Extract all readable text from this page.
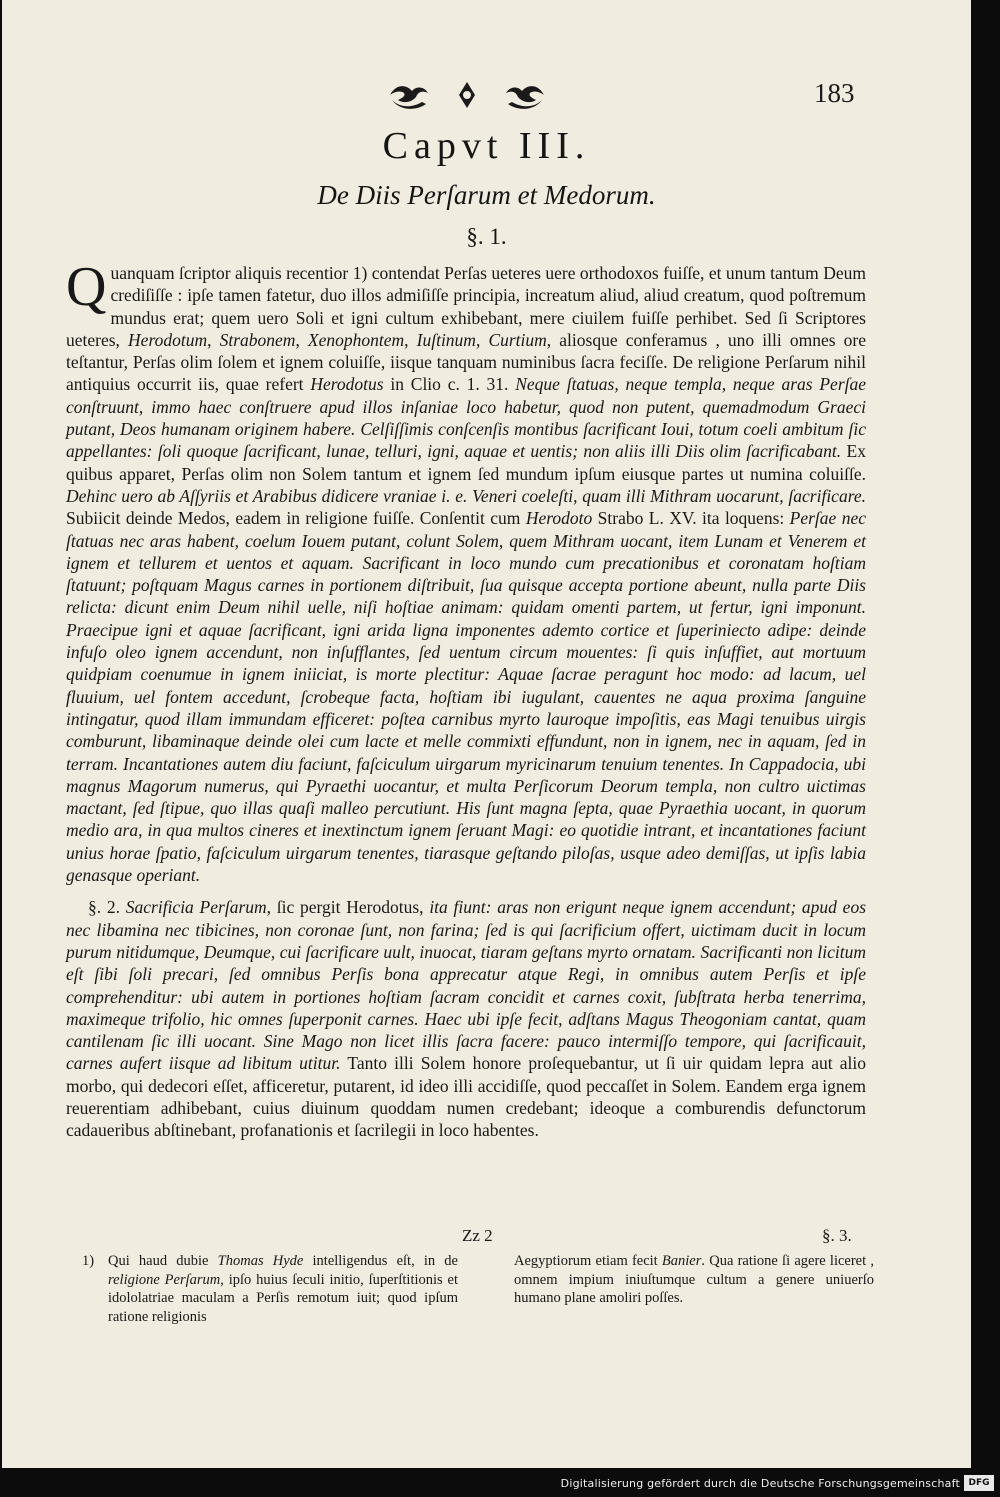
183
Capvt III.
De Diis Perſarum et Medorum.
§. 1.

Quanquam ſcriptor aliquis recentior 1) contendat Perſas ueteres uere orthodoxos fuiſſe, et unum tantum Deum crediſiſſe : ipſe tamen fatetur, duo illos admiſiſſe principia, increatum aliud, aliud creatum, quod poſtremum mundus erat; quem uero Soli et igni cultum exhibebant, mere ciuilem fuiſſe perhibet. Sed ſi Scriptores ueteres, Herodotum, Strabonem, Xenophontem, Iuſtinum, Curtium, aliosque conferamus , uno illi omnes ore teſtantur, Perſas olim ſolem et ignem coluiſſe, iisque tanquam numinibus ſacra feciſſe. De religione Perſarum nihil antiquius occurrit iis, quae refert Herodotus in Clio c. 1. 31. Neque ſtatuas, neque templa, neque aras Perſae conſtruunt, immo haec conſtruere apud illos inſaniae loco habetur, quod non putent, quemadmodum Graeci putant, Deos humanam originem habere. Celſiſſimis conſcenſis montibus ſacrificant Ioui, totum coeli ambitum ſic appellantes: ſoli quoque ſacrificant, lunae, telluri, igni, aquae et uentis; non aliis illi Diis olim ſacrificabant. Ex quibus apparet, Perſas olim non Solem tantum et ignem ſed mundum ipſum eiusque partes ut numina coluiſſe. Dehinc uero ab Aſſyriis et Arabibus didicere vraniae i. e. Veneri coeleſti, quam illi Mithram uocarunt, ſacrificare. Subiicit deinde Medos, eadem in religione fuiſſe. Conſentit cum Herodoto Strabo L. XV. ita loquens: Perſae nec ſtatuas nec aras habent, coelum Iouem putant, colunt Solem, quem Mithram uocant, item Lunam et Venerem et ignem et tellurem et uentos et aquam. Sacrificant in loco mundo cum precationibus et coronatam hoſtiam ſtatuunt; poſtquam Magus carnes in portionem diſtribuit, ſua quisque accepta portione abeunt, nulla parte Diis relicta: dicunt enim Deum nihil uelle, niſi hoſtiae animam: quidam omenti partem, ut fertur, igni imponunt. Praecipue igni et aquae ſacrificant, igni arida ligna imponentes ademto cortice et ſuperiniecto adipe: deinde infuſo oleo ignem accendunt, non inſufflantes, ſed uentum circum mouentes: ſi quis inſuffiet, aut mortuum quidpiam coenumue in ignem iniiciat, is morte plectitur: Aquae ſacrae peragunt hoc modo: ad lacum, uel fluuium, uel fontem accedunt, ſcrobeque facta, hoſtiam ibi iugulant, cauentes ne aqua proxima ſanguine intingatur, quod illam immundam efficeret: poſtea carnibus myrto lauroque impoſitis, eas Magi tenuibus uirgis comburunt, libaminaque deinde olei cum lacte et melle commixti effundunt, non in ignem, nec in aquam, ſed in terram. Incantationes autem diu faciunt, faſciculum uirgarum myricinarum tenuium tenentes. In Cappadocia, ubi magnus Magorum numerus, qui Pyraethi uocantur, et multa Perſicorum Deorum templa, non cultro uictimas mactant, ſed ſtipue, quo illas quaſi malleo percutiunt. His ſunt magna ſepta, quae Pyraethia uocant, in quorum medio ara, in qua multos cineres et inextinctum ignem ſeruant Magi: eo quotidie intrant, et incantationes faciunt unius horae ſpatio, faſciculum uirgarum tenentes, tiarasque geſtando piloſas, usque adeo demiſſas, ut ipſis labia genasque operiant.

§. 2. Sacrificia Perſarum, ſic pergit Herodotus, ita fiunt: aras non erigunt neque ignem accendunt; apud eos nec libamina nec tibicines, non coronae ſunt, non farina; ſed is qui ſacrificium offert, uictimam ducit in locum purum nitidumque, Deumque, cui ſacrificare uult, inuocat, tiaram geſtans myrto ornatam. Sacrificanti non licitum eſt ſibi ſoli precari, ſed omnibus Perſis bona apprecatur atque Regi, in omnibus autem Perſis et ipſe comprehenditur: ubi autem in portiones hoſtiam ſacram concidit et carnes coxit, ſubſtrata herba tenerrima, maximeque trifolio, hic omnes ſuperponit carnes. Haec ubi ipſe fecit, adſtans Magus Theogoniam cantat, quam cantilenam ſic illi uocant. Sine Mago non licet illis ſacra facere: pauco intermiſſo tempore, qui ſacrificauit, carnes aufert iisque ad libitum utitur. Tanto illi Solem honore proſequebantur, ut ſi uir quidam lepra aut alio morbo, qui dedecori eſſet, afficeretur, putarent, id ideo illi accidiſſe, quod peccaſſet in Solem. Eandem erga ignem reuerentiam adhibebant, cuius diuinum quoddam numen credebant; ideoque a comburendis defunctorum cadaueribus abſtinebant, profanationis et ſacrilegii in loco habentes.

Zz 2	§. 3.
1) Qui haud dubie Thomas Hyde intelligendus eſt, in de religione Perſarum, ipſo huius ſeculi initio, ſuperſtitionis et idololatriae maculam a Perſis remotum iuit; quod ipſum ratione religionis

Aegyptiorum etiam fecit Banier. Qua ratione ſi agere liceret , omnem impium iniuſtumque cultum a genere uniuerſo humano plane amoliri poſſes.

Digitalisierung gefördert durch die Deutsche Forschungsgemeinschaft DFG
